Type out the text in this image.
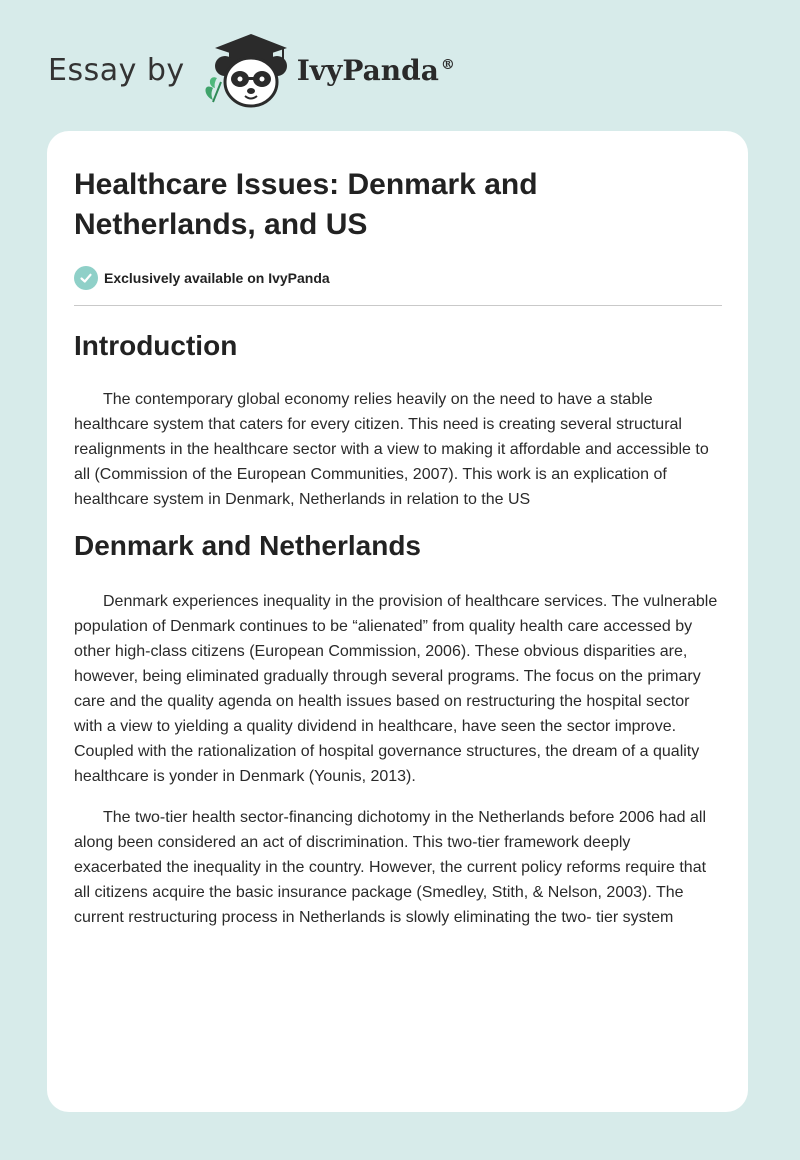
Essay by	IvyPanda ®
Healthcare Issues: Denmark and
Netherlands, and US
Exclusively available on IvyPanda
Introduction

The contemporary global economy relies heavily on the need to have a stable healthcare system that caters for every citizen. This need is creating several structural realignments in the healthcare sector with a view to making it affordable and accessible to all (Commission of the European Communities, 2007). This work is an explication of healthcare system in Denmark, Netherlands in relation to the US

Denmark and Netherlands

Denmark experiences inequality in the provision of healthcare services. The vulnerable population of Denmark continues to be “alienated” from quality health care accessed by other high-class citizens (European Commission, 2006). These obvious disparities are, however, being eliminated gradually through several programs. The focus on the primary care and the quality agenda on health issues based on restructuring the hospital sector with a view to yielding a quality dividend in healthcare, have seen the sector improve. Coupled with the rationalization of hospital governance structures, the dream of a quality healthcare is yonder in Denmark (Younis, 2013).

The two-tier health sector-financing dichotomy in the Netherlands before 2006 had all along been considered an act of discrimination. This two-tier framework deeply exacerbated the inequality in the country. However, the current policy reforms require that all citizens acquire the basic insurance package (Smedley, Stith, & Nelson, 2003). The current restructuring process in Netherlands is slowly eliminating the two- tier system
